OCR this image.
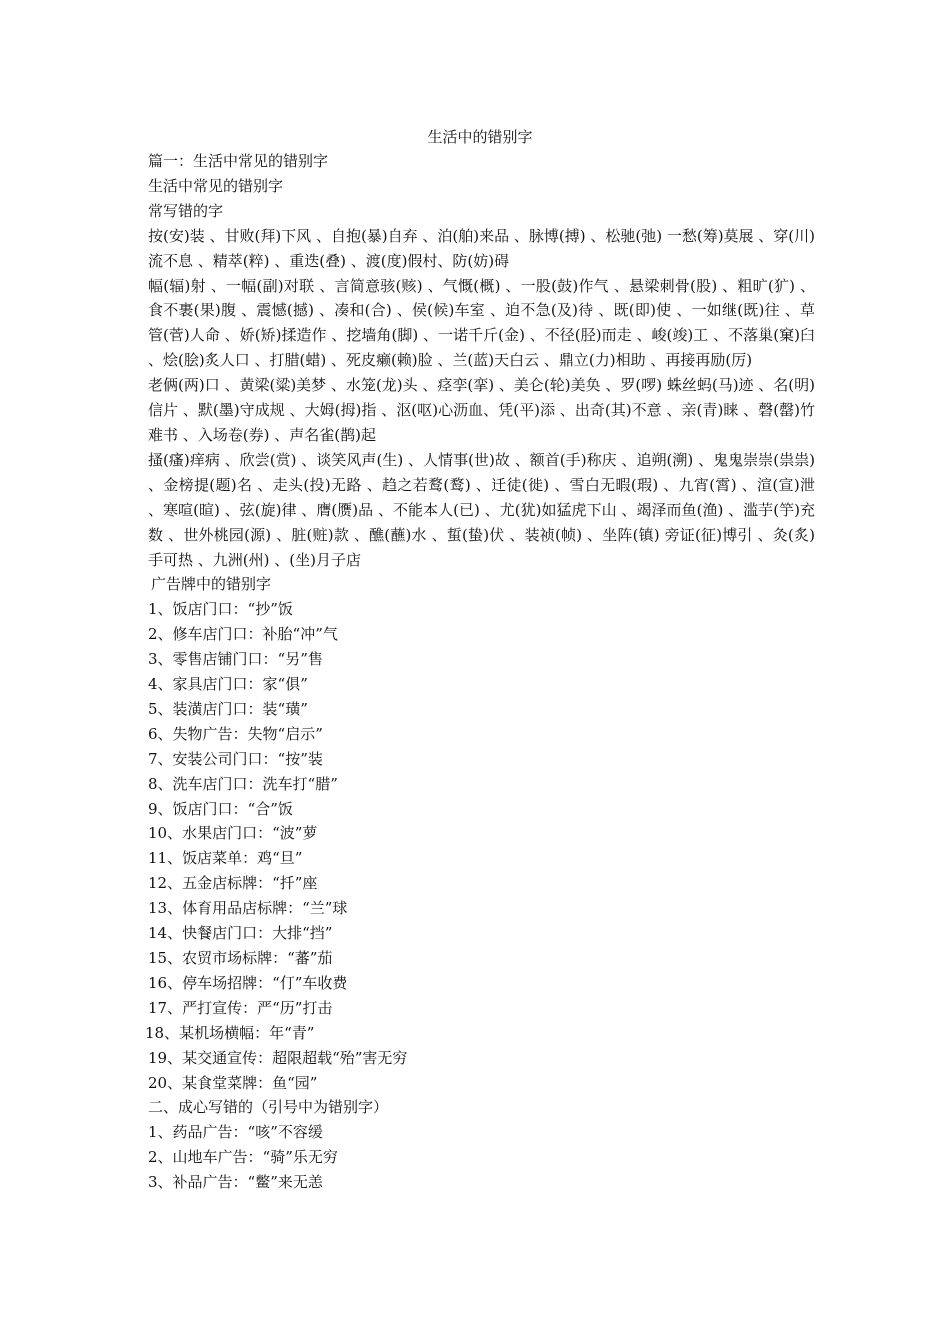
生活中的错别字

篇一：生活中常见的错别字

生活中常见的错别字

常写错的字

按(安)装 、甘败(拜)下风 、自抱(暴)自弃 、泊(舶)来品 、脉博(搏) 、松驰(弛) 一愁(筹)莫展 、穿(川)流不息 、精萃(粹) 、重迭(叠) 、渡(度)假村、防(妨)碍

幅(辐)射 、一幅(副)对联 、言简意骇(赅) 、气慨(概) 、一股(鼓)作气 、悬梁刺骨(股) 、粗旷(犷) 、食不裹(果)腹 、震憾(撼) 、凑和(合) 、侯(候)车室 、迫不急(及)待 、既(即)使 、一如继(既)往 、草管(菅)人命 、娇(矫)揉造作 、挖墙角(脚) 、一诺千斤(金) 、不径(胫)而走 、峻(竣)工 、不落巢(窠)臼 、烩(脍)炙人口 、打腊(蜡) 、死皮癞(赖)脸 、兰(蓝)天白云 、鼎立(力)相助 、再接再励(厉)

老俩(两)口 、黄梁(粱)美梦 、水笼(龙)头 、痉孪(挛) 、美仑(轮)美奂 、罗(啰) 蛛丝蚂(马)迹 、名(明)信片 、默(墨)守成规 、大姆(拇)指 、沤(呕)心沥血、凭(平)添 、出奇(其)不意 、亲(青)睐 、磬(罄)竹难书 、入场卷(券) 、声名雀(鹊)起

搔(瘙)痒病 、欣尝(赏) 、谈笑风声(生) 、人情事(世)故 、额首(手)称庆 、追朔(溯) 、鬼鬼崇崇(祟祟) 、金榜提(题)名 、走头(投)无路 、趋之若鹜(鹜) 、迁徒(徙) 、雪白无暇(瑕) 、九宵(霄) 、渲(宣)泄 、寒喧(暄) 、弦(旋)律 、膺(赝)品 、不能本人(已) 、尤(犹)如猛虎下山 、竭泽而鱼(渔) 、滥芋(竽)充数 、世外桃园(源) 、脏(赃)款 、醮(蘸)水 、蜇(蛰)伏 、装祯(帧) 、坐阵(镇) 旁证(征)博引 、灸(炙)手可热 、九洲(州) 、(坐)月子店

广告牌中的错别字

1、饭店门口：“抄”饭

2、修车店门口：补胎“冲”气

3、零售店铺门口：“另”售

4、家具店门口：家“俱”

5、装潢店门口：装“璜”

6、失物广告：失物“启示”

7、安装公司门口：“按”装

8、洗车店门口：洗车打“腊”

9、饭店门口：“合”饭

10、水果店门口：“波”萝

11、饭店菜单：鸡“旦”

12、五金店标牌：“扦”座

13、体育用品店标牌：“兰”球

14、快餐店门口：大排“挡”

15、农贸市场标牌：“蕃”茄

16、停车场招牌：“仃”车收费

17、严打宣传：严“历”打击

18、某机场横幅：年“青”

19、某交通宣传：超限超载“殆”害无穷

20、某食堂菜牌：鱼“园”

二、成心写错的（引号中为错别字）

1、药品广告：“咳”不容缓

2、山地车广告：“骑”乐无穷

3、补品广告：“鳖”来无恙
